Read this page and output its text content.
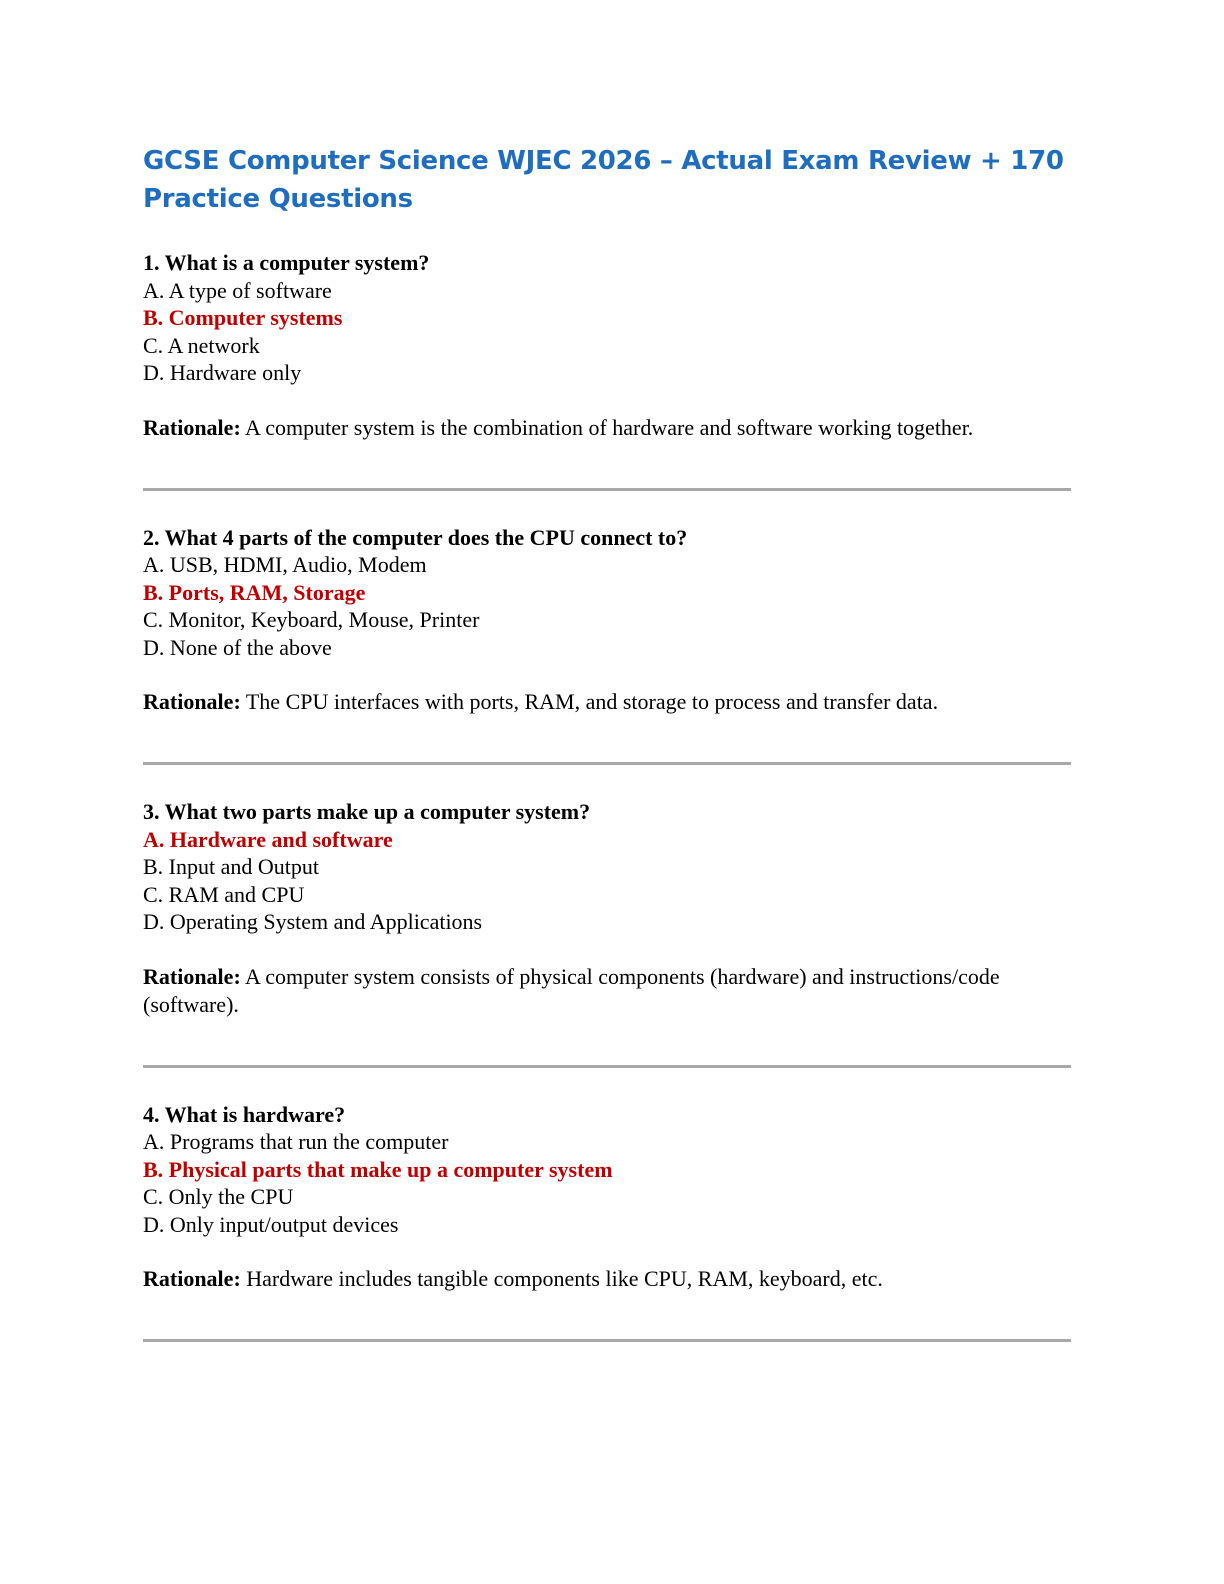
GCSE Computer Science WJEC 2026 – Actual Exam Review + 170 Practice Questions

1. What is a computer system?

A. A type of software

B. Computer systems

C. A network

D. Hardware only

Rationale: A computer system is the combination of hardware and software working together.

2. What 4 parts of the computer does the CPU connect to?

A. USB, HDMI, Audio, Modem

B. Ports, RAM, Storage

C. Monitor, Keyboard, Mouse, Printer

D. None of the above

Rationale: The CPU interfaces with ports, RAM, and storage to process and transfer data.

3. What two parts make up a computer system?

A. Hardware and software

B. Input and Output

C. RAM and CPU

D. Operating System and Applications

Rationale: A computer system consists of physical components (hardware) and instructions/code (software).

4. What is hardware?

A. Programs that run the computer

B. Physical parts that make up a computer system

C. Only the CPU

D. Only input/output devices

Rationale: Hardware includes tangible components like CPU, RAM, keyboard, etc.
